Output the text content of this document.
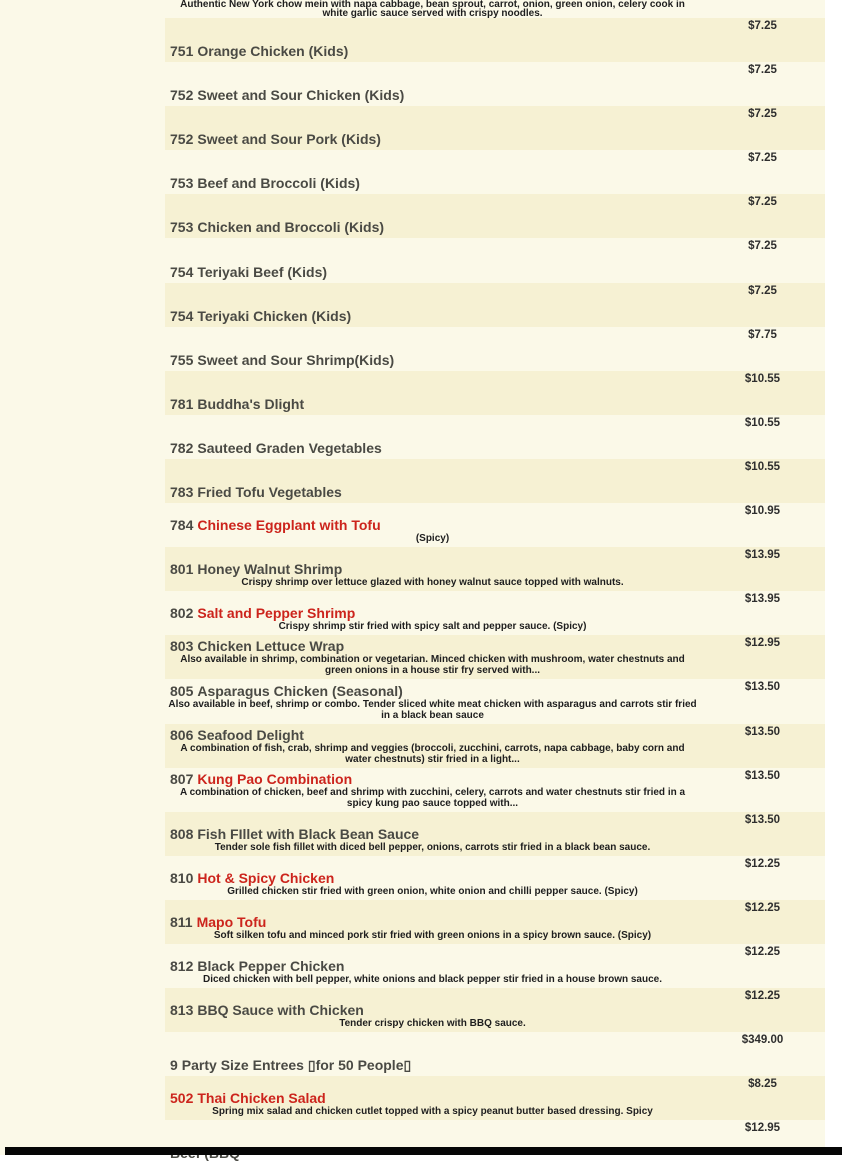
Authentic New York chow mein with napa cabbage, bean sprout, carrot, onion, green onion, celery cook in white garlic sauce served with crispy noodles.
$7.25
751 Orange Chicken (Kids)
$7.25
752 Sweet and Sour Chicken (Kids)
$7.25
752 Sweet and Sour Pork (Kids)
$7.25
753 Beef and Broccoli (Kids)
$7.25
753 Chicken and Broccoli (Kids)
$7.25
754 Teriyaki Beef (Kids)
$7.25
754 Teriyaki Chicken (Kids)
$7.75
755 Sweet and Sour Shrimp(Kids)
$10.55
781 Buddha's Dlight
$10.55
782 Sauteed Graden Vegetables
$10.55
783 Fried Tofu Vegetables
$10.95
784 Chinese Eggplant with Tofu
(Spicy)
$13.95
801 Honey Walnut Shrimp
Crispy shrimp over lettuce glazed with honey walnut sauce topped with walnuts.
$13.95
802 Salt and Pepper Shrimp
Crispy shrimp stir fried with spicy salt and pepper sauce. (Spicy)
$12.95
803 Chicken Lettuce Wrap
Also available in shrimp, combination or vegetarian. Minced chicken with mushroom, water chestnuts and green onions in a house stir fry served with...
$13.50
805 Asparagus Chicken (Seasonal)
Also available in beef, shrimp or combo. Tender sliced white meat chicken with asparagus and carrots stir fried in a black bean sauce
$13.50
806 Seafood Delight
A combination of fish, crab, shrimp and veggies (broccoli, zucchini, carrots, napa cabbage, baby corn and water chestnuts) stir fried in a light...
$13.50
807 Kung Pao Combination
A combination of chicken, beef and shrimp with zucchini, celery, carrots and water chestnuts stir fried in a spicy kung pao sauce topped with...
$13.50
808 Fish FIllet with Black Bean Sauce
Tender sole fish fillet with diced bell pepper, onions, carrots stir fried in a black bean sauce.
$12.25
810 Hot & Spicy Chicken
Grilled chicken stir fried with green onion, white onion and chilli pepper sauce. (Spicy)
$12.25
811 Mapo Tofu
Soft silken tofu and minced pork stir fried with green onions in a spicy brown sauce. (Spicy)
$12.25
812 Black Pepper Chicken
Diced chicken with bell pepper, white onions and black pepper stir fried in a house brown sauce.
$12.25
813 BBQ Sauce with Chicken
Tender crispy chicken with BBQ sauce.
$349.00
9 Party Size Entrees ▯for 50 People▯
$8.25
502 Thai Chicken Salad
Spring mix salad and chicken cutlet topped with a spicy peanut butter based dressing. Spicy
$12.95
